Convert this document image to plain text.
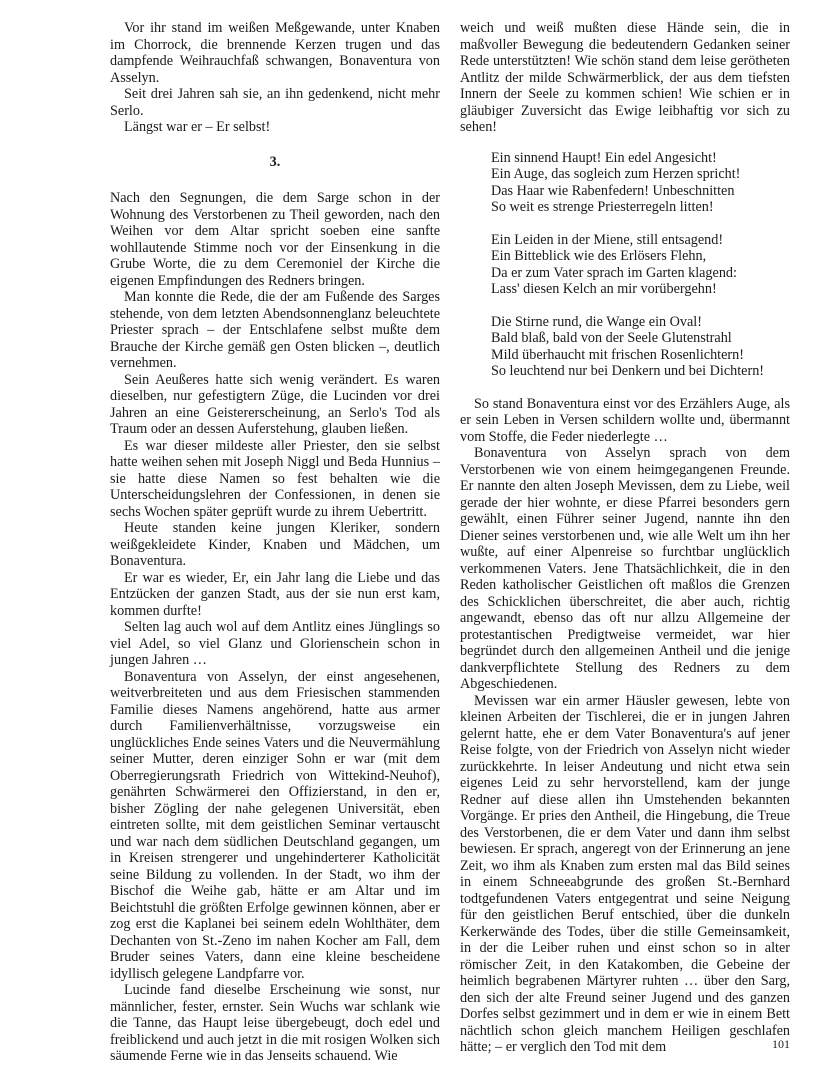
Vor ihr stand im weißen Meßgewande, unter Knaben im Chorrock, die brennende Kerzen trugen und das dampfende Weihrauchfaß schwangen, Bonaventura von Asselyn.

Seit drei Jahren sah sie, an ihn gedenkend, nicht mehr Serlo.

Längst war er – Er selbst!

3.

Nach den Segnungen, die dem Sarge schon in der Wohnung des Verstorbenen zu Theil geworden, nach den Weihen vor dem Altar spricht soeben eine sanfte wohllautende Stimme noch vor der Einsenkung in die Grube Worte, die zu dem Ceremoniel der Kirche die eigenen Empfindungen des Redners bringen.

Man konnte die Rede, die der am Fußende des Sarges stehende, von dem letzten Abendsonnenglanz beleuchtete Priester sprach – der Entschlafene selbst mußte dem Brauche der Kirche gemäß gen Osten blicken –, deutlich vernehmen.

Sein Aeußeres hatte sich wenig verändert. Es waren dieselben, nur gefestigtern Züge, die Lucinden vor drei Jahren an eine Geistererscheinung, an Serlo's Tod als Traum oder an dessen Auferstehung, glauben ließen.

Es war dieser mildeste aller Priester, den sie selbst hatte weihen sehen mit Joseph Niggl und Beda Hunnius – sie hatte diese Namen so fest behalten wie die Unterscheidungslehren der Confessionen, in denen sie sechs Wochen später geprüft wurde zu ihrem Uebertritt.

Heute standen keine jungen Kleriker, sondern weißgekleidete Kinder, Knaben und Mädchen, um Bonaventura.

Er war es wieder, Er, ein Jahr lang die Liebe und das Entzücken der ganzen Stadt, aus der sie nun erst kam, kommen durfte!

Selten lag auch wol auf dem Antlitz eines Jünglings so viel Adel, so viel Glanz und Glorienschein schon in jungen Jahren …

Bonaventura von Asselyn, der einst angesehenen, weitverbreiteten und aus dem Friesischen stammenden Familie dieses Namens angehörend, hatte aus armer durch Familienverhältnisse, vorzugsweise ein unglückliches Ende seines Vaters und die Neuvermählung seiner Mutter, deren einziger Sohn er war (mit dem Oberregierungsrath Friedrich von Wittekind-Neuhof), genährten Schwärmerei den Offizierstand, in den er, bisher Zögling der nahe gelegenen Universität, eben eintreten sollte, mit dem geistlichen Seminar vertauscht und war nach dem südlichen Deutschland gegangen, um in Kreisen strengerer und ungehinderterer Katholicität seine Bildung zu vollenden. In der Stadt, wo ihm der Bischof die Weihe gab, hätte er am Altar und im Beichtstuhl die größten Erfolge gewinnen können, aber er zog erst die Kaplanei bei seinem edeln Wohlthäter, dem Dechanten von St.-Zeno im nahen Kocher am Fall, dem Bruder seines Vaters, dann eine kleine bescheidene idyllisch gelegene Landpfarre vor.

Lucinde fand dieselbe Erscheinung wie sonst, nur männlicher, fester, ernster. Sein Wuchs war schlank wie die Tanne, das Haupt leise übergebeugt, doch edel und freiblickend und auch jetzt in die mit rosigen Wolken sich säumende Ferne wie in das Jenseits schauend. Wie

weich und weiß mußten diese Hände sein, die in maßvoller Bewegung die bedeutendern Gedanken seiner Rede unterstützten! Wie schön stand dem leise gerötheten Antlitz der milde Schwärmerblick, der aus dem tiefsten Innern der Seele zu kommen schien! Wie schien er in gläubiger Zuversicht das Ewige leibhaftig vor sich zu sehen!

Ein sinnend Haupt! Ein edel Angesicht!
Ein Auge, das sogleich zum Herzen spricht!
Das Haar wie Rabenfedern! Unbeschnitten
So weit es strenge Priesterregeln litten!
Ein Leiden in der Miene, still entsagend!
Ein Bitteblick wie des Erlösers Flehn,
Da er zum Vater sprach im Garten klagend:
Lass' diesen Kelch an mir vorübergehn!
Die Stirne rund, die Wange ein Oval!
Bald blaß, bald von der Seele Glutenstrahl
Mild überhaucht mit frischen Rosenlichtern!
So leuchtend nur bei Denkern und bei Dichtern!

So stand Bonaventura einst vor des Erzählers Auge, als er sein Leben in Versen schildern wollte und, übermannt vom Stoffe, die Feder niederlegte …

Bonaventura von Asselyn sprach von dem Verstorbenen wie von einem heimgegangenen Freunde. Er nannte den alten Joseph Mevissen, dem zu Liebe, weil gerade der hier wohnte, er diese Pfarrei besonders gern gewählt, einen Führer seiner Jugend, nannte ihn den Diener seines verstorbenen und, wie alle Welt um ihn her wußte, auf einer Alpenreise so furchtbar unglücklich verkommenen Vaters. Jene Thatsächlichkeit, die in den Reden katholischer Geistlichen oft maßlos die Grenzen des Schicklichen überschreitet, die aber auch, richtig angewandt, ebenso das oft nur allzu Allgemeine der protestantischen Predigtweise vermeidet, war hier begründet durch den allgemeinen Antheil und die jenige dankverpflichtete Stellung des Redners zu dem Abgeschiedenen.

Mevissen war ein armer Häusler gewesen, lebte von kleinen Arbeiten der Tischlerei, die er in jungen Jahren gelernt hatte, ehe er dem Vater Bonaventura's auf jener Reise folgte, von der Friedrich von Asselyn nicht wieder zurückkehrte. In leiser Andeutung und nicht etwa sein eigenes Leid zu sehr hervorstellend, kam der junge Redner auf diese allen ihn Umstehenden bekannten Vorgänge. Er pries den Antheil, die Hingebung, die Treue des Verstorbenen, die er dem Vater und dann ihm selbst bewiesen. Er sprach, angeregt von der Erinnerung an jene Zeit, wo ihm als Knaben zum ersten mal das Bild seines in einem Schneeabgrunde des großen St.-Bernhard todtgefundenen Vaters entgegentrat und seine Neigung für den geistlichen Beruf entschied, über die dunkeln Kerkerwände des Todes, über die stille Gemeinsamkeit, in der die Leiber ruhen und einst schon so in alter römischer Zeit, in den Katakomben, die Gebeine der heimlich begrabenen Märtyrer ruhten … über den Sarg, den sich der alte Freund seiner Jugend und des ganzen Dorfes selbst gezimmert und in dem er wie in einem Bett nächtlich schon gleich manchem Heiligen geschlafen hätte; – er verglich den Tod mit dem	101
